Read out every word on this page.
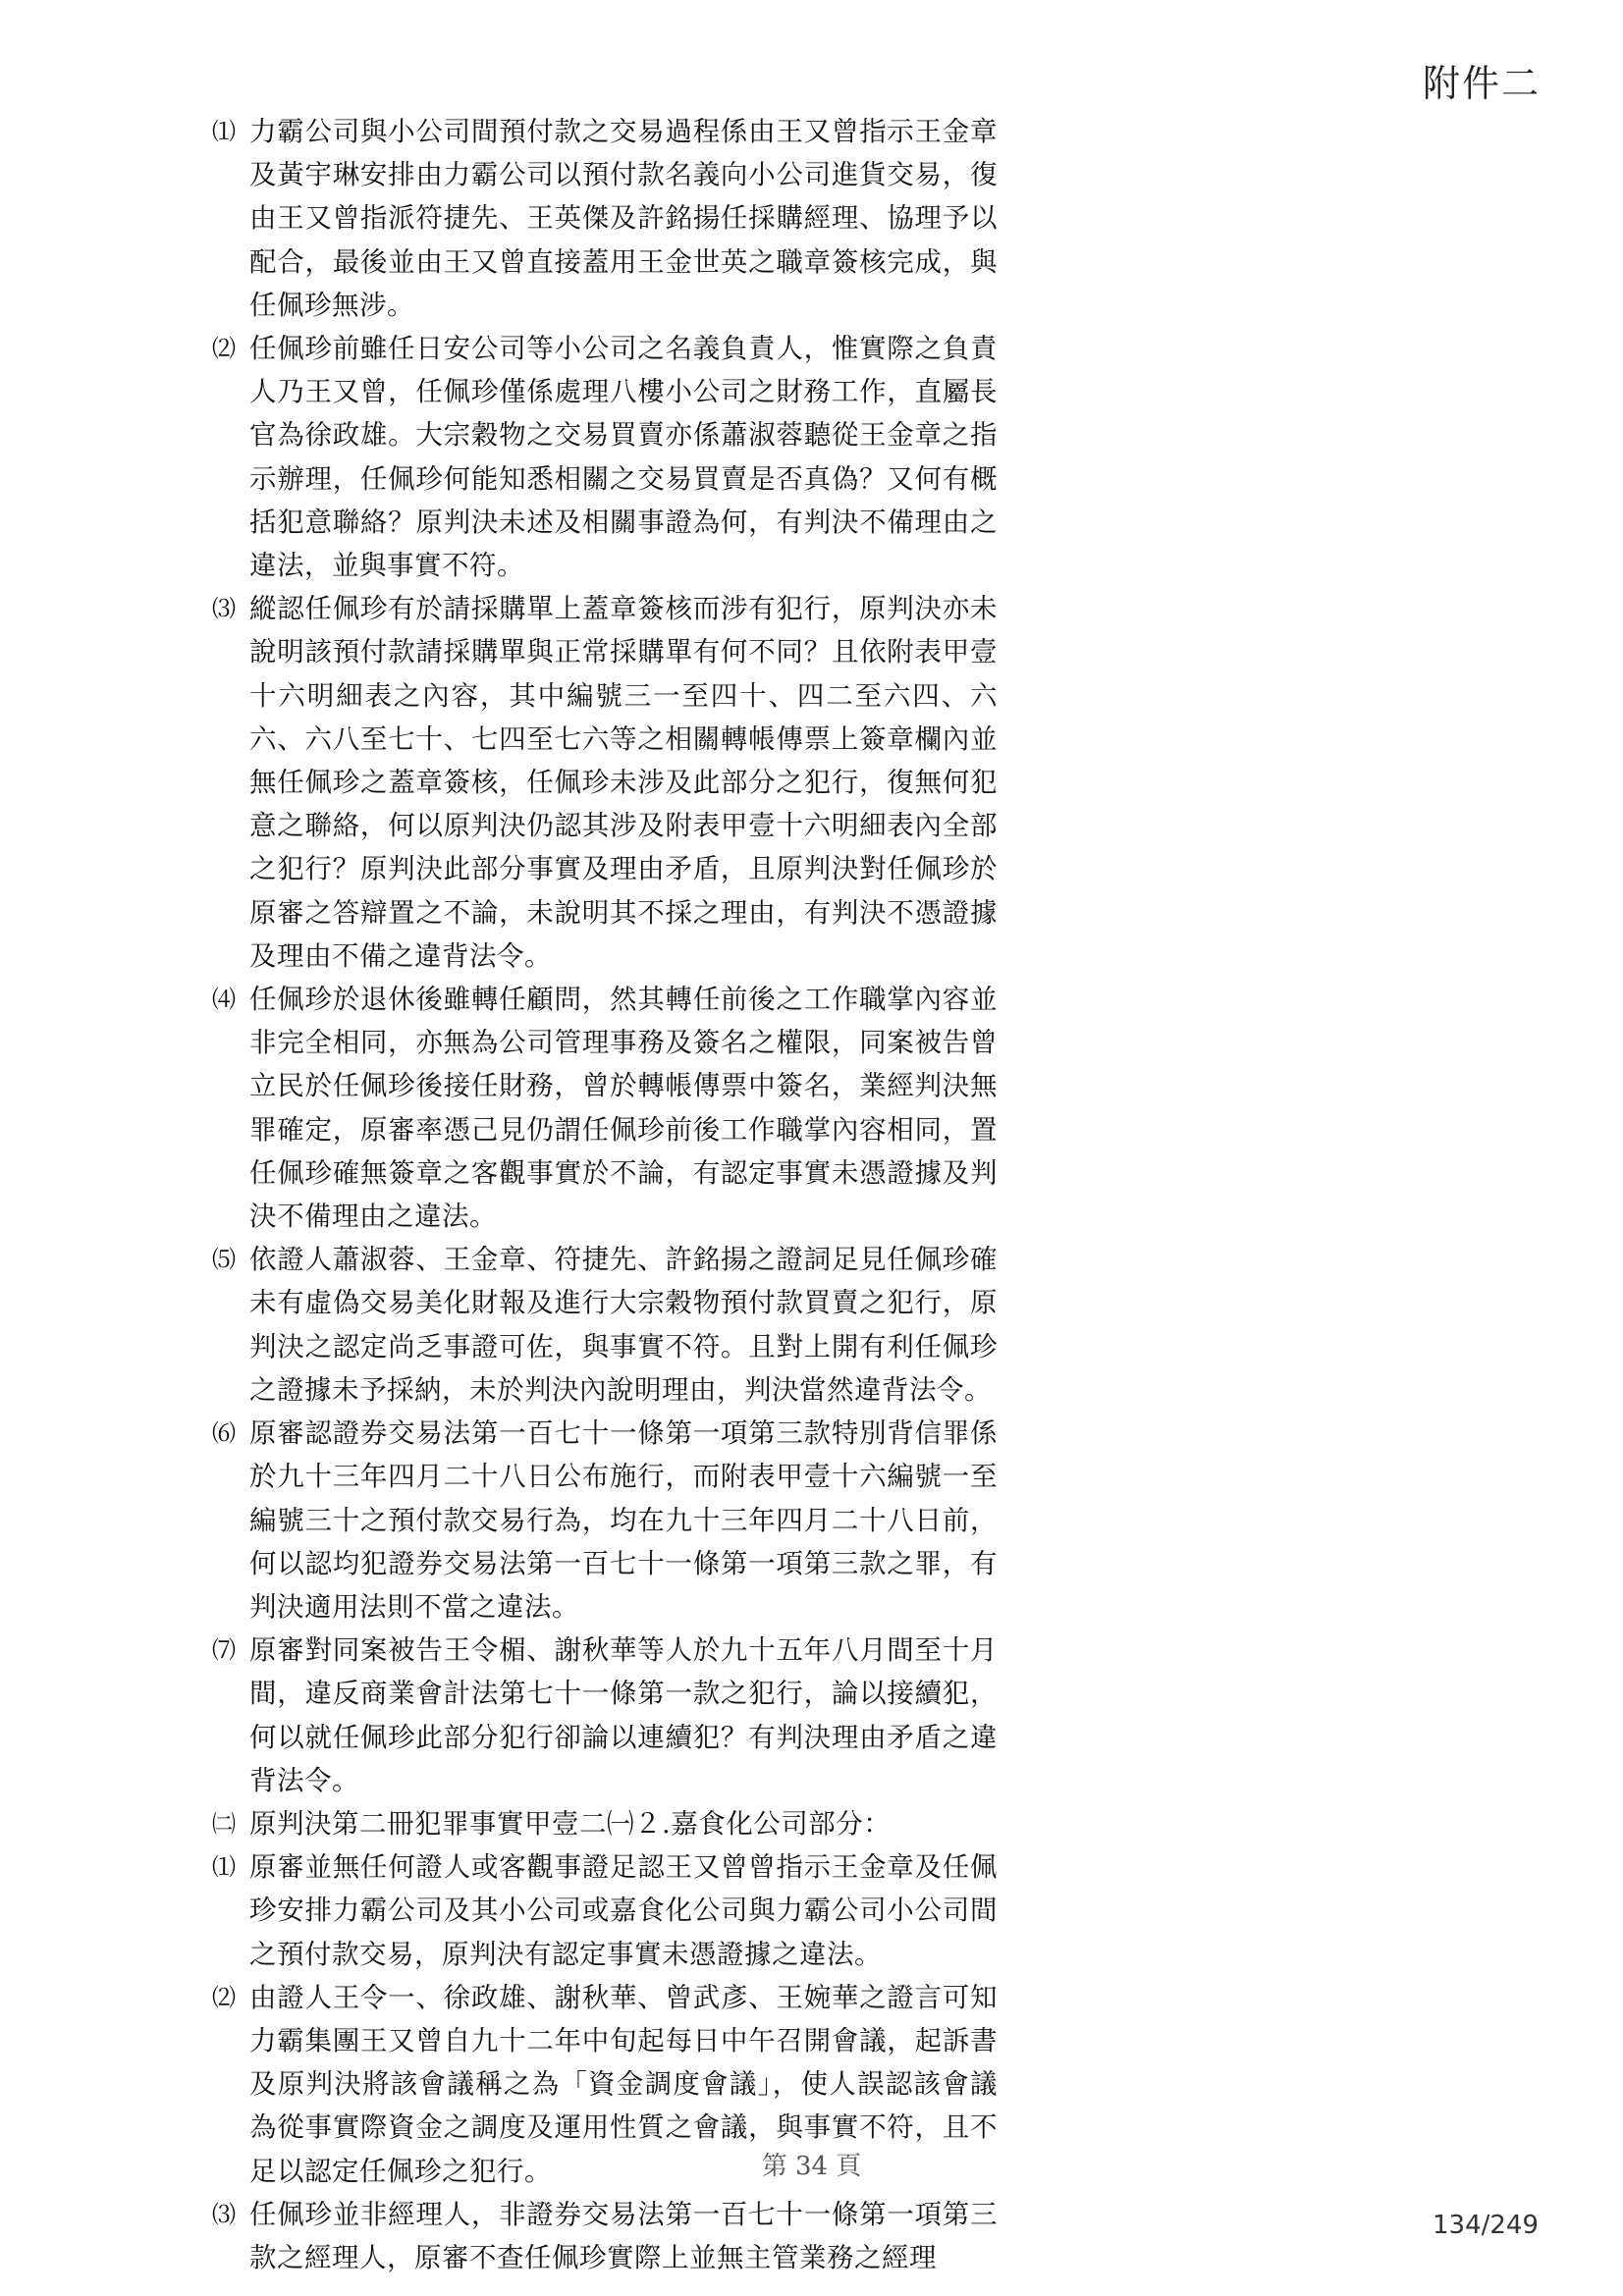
附件二
⑴ 力霸公司與小公司間預付款之交易過程係由王又曾指示王金章及黃宇琳安排由力霸公司以預付款名義向小公司進貨交易，復由王又曾指派符捷先、王英傑及許銘揚任採購經理、協理予以配合，最後並由王又曾直接蓋用王金世英之職章簽核完成，與任佩珍無涉。
⑵ 任佩珍前雖任日安公司等小公司之名義負責人，惟實際之負責人乃王又曾，任佩珍僅係處理八樓小公司之財務工作，直屬長官為徐政雄。大宗穀物之交易買賣亦係蕭淑蓉聽從王金章之指示辦理，任佩珍何能知悉相關之交易買賣是否真偽？又何有概括犯意聯絡？原判決未述及相關事證為何，有判決不備理由之違法，並與事實不符。
⑶ 縱認任佩珍有於請採購單上蓋章簽核而涉有犯行，原判決亦未說明該預付款請採購單與正常採購單有何不同？且依附表甲壹十六明細表之內容，其中編號三一至四十、四二至六四、六六、六八至七十、七四至七六等之相關轉帳傳票上簽章欄內並無任佩珍之蓋章簽核，任佩珍未涉及此部分之犯行，復無何犯意之聯絡，何以原判決仍認其涉及附表甲壹十六明細表內全部之犯行？原判決此部分事實及理由矛盾，且原判決對任佩珍於原審之答辯置之不論，未說明其不採之理由，有判決不憑證據及理由不備之違背法令。
⑷ 任佩珍於退休後雖轉任顧問，然其轉任前後之工作職掌內容並非完全相同，亦無為公司管理事務及簽名之權限，同案被告曾立民於任佩珍後接任財務，曾於轉帳傳票中簽名，業經判決無罪確定，原審率憑己見仍謂任佩珍前後工作職掌內容相同，置任佩珍確無簽章之客觀事實於不論，有認定事實未憑證據及判決不備理由之違法。
⑸ 依證人蕭淑蓉、王金章、符捷先、許銘揚之證詞足見任佩珍確未有虛偽交易美化財報及進行大宗穀物預付款買賣之犯行，原判決之認定尚乏事證可佐，與事實不符。且對上開有利任佩珍之證據未予採納，未於判決內說明理由，判決當然違背法令。
⑹ 原審認證券交易法第一百七十一條第一項第三款特別背信罪係於九十三年四月二十八日公布施行，而附表甲壹十六編號一至編號三十之預付款交易行為，均在九十三年四月二十八日前，何以認均犯證券交易法第一百七十一條第一項第三款之罪，有判決適用法則不當之違法。
⑺ 原審對同案被告王令楣、謝秋華等人於九十五年八月間至十月間，違反商業會計法第七十一條第一款之犯行，論以接續犯，何以就任佩珍此部分犯行卻論以連續犯？有判決理由矛盾之違背法令。
㈡ 原判決第二冊犯罪事實甲壹二㈠２.嘉食化公司部分：
⑴ 原審並無任何證人或客觀事證足認王又曾曾指示王金章及任佩珍安排力霸公司及其小公司或嘉食化公司與力霸公司小公司間之預付款交易，原判決有認定事實未憑證據之違法。
⑵ 由證人王令一、徐政雄、謝秋華、曾武彥、王婉華之證言可知力霸集團王又曾自九十二年中旬起每日中午召開會議，起訴書及原判決將該會議稱之為「資金調度會議」，使人誤認該會議為從事實際資金之調度及運用性質之會議，與事實不符，且不足以認定任佩珍之犯行。
⑶ 任佩珍並非經理人，非證券交易法第一百七十一條第一項第三款之經理人，原審不查任佩珍實際上並無主管業務之經理
第 34 頁
134/249
